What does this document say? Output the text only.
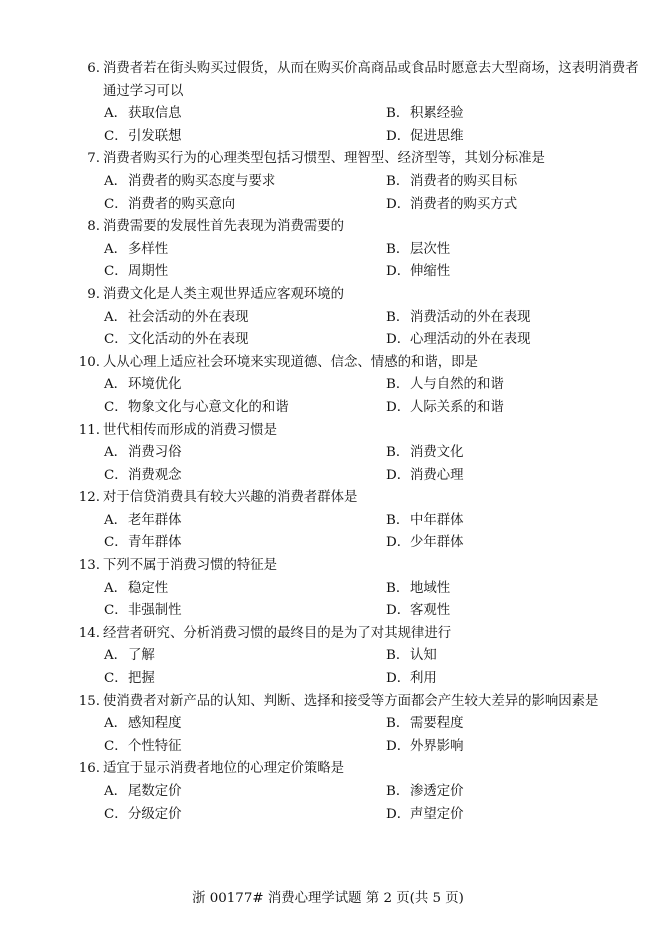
6. 消费者若在街头购买过假货，从而在购买价高商品或食品时愿意去大型商场，这表明消费者通过学习可以
A． 获取信息	B． 积累经验
C． 引发联想	D． 促进思维
7. 消费者购买行为的心理类型包括习惯型、理智型、经济型等，其划分标准是
A． 消费者的购买态度与要求	B． 消费者的购买目标
C． 消费者的购买意向	D． 消费者的购买方式
8. 消费需要的发展性首先表现为消费需要的
A． 多样性	B． 层次性
C． 周期性	D． 伸缩性
9. 消费文化是人类主观世界适应客观环境的
A． 社会活动的外在表现	B． 消费活动的外在表现
C． 文化活动的外在表现	D． 心理活动的外在表现
10. 人从心理上适应社会环境来实现道德、信念、情感的和谐，即是
A． 环境优化	B． 人与自然的和谐
C． 物象文化与心意文化的和谐	D． 人际关系的和谐
11. 世代相传而形成的消费习惯是
A． 消费习俗	B． 消费文化
C． 消费观念	D． 消费心理
12. 对于信贷消费具有较大兴趣的消费者群体是
A． 老年群体	B． 中年群体
C． 青年群体	D． 少年群体
13. 下列不属于消费习惯的特征是
A． 稳定性	B． 地域性
C． 非强制性	D． 客观性
14. 经营者研究、分析消费习惯的最终目的是为了对其规律进行
A． 了解	B． 认知
C． 把握	D． 利用
15. 使消费者对新产品的认知、判断、选择和接受等方面都会产生较大差异的影响因素是
A． 感知程度	B． 需要程度
C． 个性特征	D． 外界影响
16. 适宜于显示消费者地位的心理定价策略是
A． 尾数定价	B． 渗透定价
C． 分级定价	D． 声望定价
浙 00177# 消费心理学试题 第 2 页(共 5 页)
